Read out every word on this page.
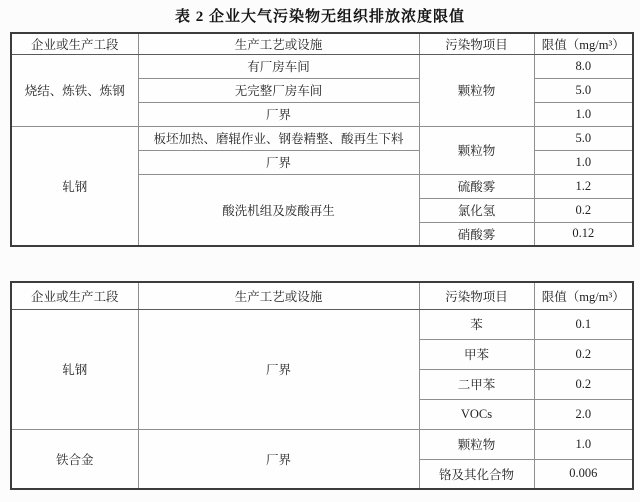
表 2 企业大气污染物无组织排放浓度限值
企业或生产工段	生产工艺或设施	污染物项目	限值（mg/m³）
烧结、炼铁、炼钢	有厂房车间	颗粒物	8.0
	无完整厂房车间		5.0
	厂界		1.0
轧钢	板坯加热、磨辊作业、钢卷精整、酸再生下料	颗粒物	5.0
	厂界		1.0
	酸洗机组及废酸再生	硫酸雾	1.2
		氯化氢	0.2
		硝酸雾	0.12
企业或生产工段	生产工艺或设施	污染物项目	限值（mg/m³）
轧钢	厂界	苯	0.1
		甲苯	0.2
		二甲苯	0.2
		VOCs	2.0
铁合金	厂界	颗粒物	1.0
		铬及其化合物	0.006
